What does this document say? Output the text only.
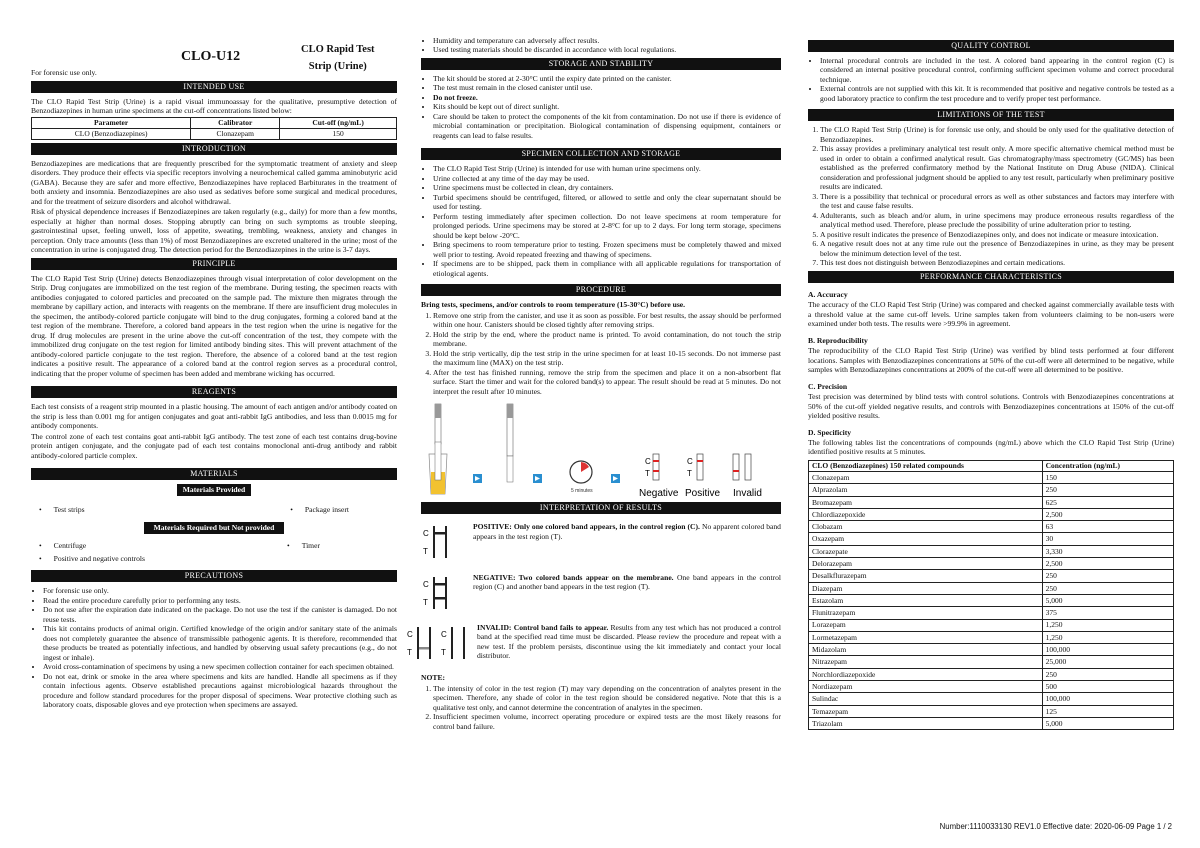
CLO-U12	CLO Rapid Test
Strip (Urine)
For forensic use only.
INTENDED USE

The CLO Rapid Test Strip (Urine) is a rapid visual immunoassay for the qualitative, presumptive detection of Benzodiazepines in human urine specimens at the cut-off concentrations listed below:

Parameter	Calibrator	Cut-off (ng/mL)
CLO (Benzodiazepines)	Clonazepam	150
INTRODUCTION

Benzodiazepines are medications that are frequently prescribed for the symptomatic treatment of anxiety and sleep disorders. They produce their effects via specific receptors involving a neurochemical called gamma aminobutyric acid (GABA). Because they are safer and more effective, Benzodiazepines have replaced Barbiturates in the treatment of both anxiety and insomnia. Benzodiazepines are also used as sedatives before some surgical and medical procedures, and for the treatment of seizure disorders and alcohol withdrawal.

Risk of physical dependence increases if Benzodiazepines are taken regularly (e.g., daily) for more than a few months, especially at higher than normal doses. Stopping abruptly can bring on such symptoms as trouble sleeping, gastrointestinal upset, feeling unwell, loss of appetite, sweating, trembling, weakness, anxiety and changes in perception. Only trace amounts (less than 1%) of most Benzodiazepines are excreted unaltered in the urine; most of the concentration in urine is conjugated drug. The detection period for the Benzodiazepines in the urine is 3-7 days.

PRINCIPLE

The CLO Rapid Test Strip (Urine) detects Benzodiazepines through visual interpretation of color development on the Strip. Drug conjugates are immobilized on the test region of the membrane. During testing, the specimen reacts with antibodies conjugated to colored particles and precoated on the sample pad. The mixture then migrates through the membrane by capillary action, and interacts with reagents on the membrane. If there are insufficient drug molecules in the specimen, the antibody-colored particle conjugate will bind to the drug conjugates, forming a colored band at the test region of the membrane. Therefore, a colored band appears in the test region when the urine is negative for the drug. If drug molecules are present in the urine above the cut-off concentration of the test, they compete with the immobilized drug conjugate on the test region for limited antibody binding sites. This will prevent attachment of the antibody-colored particle conjugate to the test region. Therefore, the absence of a colored band at the test region indicates a positive result. The appearance of a colored band at the control region serves as a procedural control, indicating that the proper volume of specimen has been added and membrane wicking has occurred.

REAGENTS

Each test consists of a reagent strip mounted in a plastic housing. The amount of each antigen and/or antibody coated on the strip is less than 0.001 mg for antigen conjugates and goat anti-rabbit IgG antibodies, and less than 0.0015 mg for antibody components.

The control zone of each test contains goat anti-rabbit IgG antibody. The test zone of each test contains drug-bovine protein antigen conjugate, and the conjugate pad of each test contains monoclonal anti-drug antibody and rabbit antibody-colored particle complex.

MATERIALS
Materials Provided
• Test strips	• Package insert
Materials Required but Not provided
• Centrifuge	• Timer
• Positive and negative controls
PRECAUTIONS
• For forensic use only.
• Read the entire procedure carefully prior to performing any tests.
• Do not use after the expiration date indicated on the package. Do not use the test if the canister is damaged. Do not reuse tests.
• This kit contains products of animal origin. Certified knowledge of the origin and/or sanitary state of the animals does not completely guarantee the absence of transmissible pathogenic agents. It is therefore, recommended that these products be treated as potentially infectious, and handled by observing usual safety precautions (e.g., do not ingest or inhale).
• Avoid cross-contamination of specimens by using a new specimen collection container for each specimen obtained.
• Do not eat, drink or smoke in the area where specimens and kits are handled. Handle all specimens as if they contain infectious agents. Observe established precautions against microbiological hazards throughout the procedure and follow standard procedures for the proper disposal of specimens. Wear protective clothing such as laboratory coats, disposable gloves and eye protection when specimens are assayed.
• Humidity and temperature can adversely affect results.
• Used testing materials should be discarded in accordance with local regulations.
STORAGE AND STABILITY
• The kit should be stored at 2-30°C until the expiry date printed on the canister.
• The test must remain in the closed canister until use.
• Do not freeze.
• Kits should be kept out of direct sunlight.
• Care should be taken to protect the components of the kit from contamination. Do not use if there is evidence of microbial contamination or precipitation. Biological contamination of dispensing equipment, containers or reagents can lead to false results.
SPECIMEN COLLECTION AND STORAGE
• The CLO Rapid Test Strip (Urine) is intended for use with human urine specimens only.
• Urine collected at any time of the day may be used.
• Urine specimens must be collected in clean, dry containers.
• Turbid specimens should be centrifuged, filtered, or allowed to settle and only the clear supernatant should be used for testing.
• Perform testing immediately after specimen collection. Do not leave specimens at room temperature for prolonged periods. Urine specimens may be stored at 2-8°C for up to 2 days. For long term storage, specimens should be kept below -20°C.
• Bring specimens to room temperature prior to testing. Frozen specimens must be completely thawed and mixed well prior to testing. Avoid repeated freezing and thawing of specimens.
• If specimens are to be shipped, pack them in compliance with all applicable regulations for transportation of etiological agents.
PROCEDURE

Bring tests, specimens, and/or controls to room temperature (15-30°C) before use.

1. Remove one strip from the canister, and use it as soon as possible. For best results, the assay should be performed within one hour. Canisters should be closed tightly after removing strips.
2. Hold the strip by the end, where the product name is printed. To avoid contamination, do not touch the strip membrane.
3. Hold the strip vertically, dip the test strip in the urine specimen for at least 10-15 seconds. Do not immerse past the maximum line (MAX) on the test strip.
4. After the test has finished running, remove the strip from the specimen and place it on a non-absorbent flat surface. Start the timer and wait for the colored band(s) to appear. The result should be read at 5 minutes. Do not interpret the result after 10 minutes.
5 minutes
C
T
C
T
Negative Positive Invalid
INTERPRETATION OF RESULTS
C
T

POSITIVE: Only one colored band appears, in the control region (C). No apparent colored band appears in the test region (T).

C
T

NEGATIVE: Two colored bands appear on the membrane. One band appears in the control region (C) and another band appears in the test region (T).

C
T
C
T

INVALID: Control band fails to appear. Results from any test which has not produced a control band at the specified read time must be discarded. Please review the procedure and repeat with a new test. If the problem persists, discontinue using the kit immediately and contact your local distributor.

NOTE:

1. The intensity of color in the test region (T) may vary depending on the concentration of analytes present in the specimen. Therefore, any shade of color in the test region should be considered negative. Note that this is a qualitative test only, and cannot determine the concentration of analytes in the specimen.
2. Insufficient specimen volume, incorrect operating procedure or expired tests are the most likely reasons for control band failure.
QUALITY CONTROL
• Internal procedural controls are included in the test. A colored band appearing in the control region (C) is considered an internal positive procedural control, confirming sufficient specimen volume and correct procedural technique.
• External controls are not supplied with this kit. It is recommended that positive and negative controls be tested as a good laboratory practice to confirm the test procedure and to verify proper test performance.
LIMITATIONS OF THE TEST
1. The CLO Rapid Test Strip (Urine) is for forensic use only, and should be only used for the qualitative detection of Benzodiazepines.
2. This assay provides a preliminary analytical test result only. A more specific alternative chemical method must be used in order to obtain a confirmed analytical result. Gas chromatography/mass spectrometry (GC/MS) has been established as the preferred confirmatory method by the National Institute on Drug Abuse (NIDA). Clinical consideration and professional judgment should be applied to any test result, particularly when preliminary positive results are indicated.
3. There is a possibility that technical or procedural errors as well as other substances and factors may interfere with the test and cause false results.
4. Adulterants, such as bleach and/or alum, in urine specimens may produce erroneous results regardless of the analytical method used. Therefore, please preclude the possibility of urine adulteration prior to testing.
5. A positive result indicates the presence of Benzodiazepines only, and does not indicate or measure intoxication.
6. A negative result does not at any time rule out the presence of Benzodiazepines in urine, as they may be present below the minimum detection level of the test.
7. This test does not distinguish between Benzodiazepines and certain medications.
PERFORMANCE CHARACTERISTICS

A. Accuracy

The accuracy of the CLO Rapid Test Strip (Urine) was compared and checked against commercially available tests with a threshold value at the same cut-off levels. Urine samples taken from volunteers claiming to be non-users were examined under both tests. The results were >99.9% in agreement.

B. Reproducibility

The reproducibility of the CLO Rapid Test Strip (Urine) was verified by blind tests performed at four different locations. Samples with Benzodiazepines concentrations at 50% of the cut-off were all determined to be negative, while samples with Benzodiazepines concentrations at 200% of the cut-off were all determined to be positive.

C. Precision

Test precision was determined by blind tests with control solutions. Controls with Benzodiazepines concentrations at 50% of the cut-off yielded negative results, and controls with Benzodiazepines concentrations at 150% of the cut-off yielded positive results.

D. Specificity

The following tables list the concentrations of compounds (ng/mL) above which the CLO Rapid Test Strip (Urine) identified positive results at 5 minutes.

CLO (Benzodiazepines) 150 related compounds	Concentration (ng/mL)
Clonazepam	150
Alprazolam	250
Bromazepam	625
Chlordiazepoxide	2,500
Clobazam	63
Oxazepam	30
Clorazepate	3,330
Delorazepam	2,500
Desalkflurazepam	250
Diazepam	250
Estazolam	5,000
Flunitrazepam	375
Lorazepam	1,250
Lormetazepam	1,250
Midazolam	100,000
Nitrazepam	25,000
Norchlordiazepoxide	250
Nordiazepam	500
Sulindac	100,000
Temazepam	125
Triazolam	5,000
Number:1110033130 REV1.0 Effective date: 2020-06-09 Page 1 / 2
